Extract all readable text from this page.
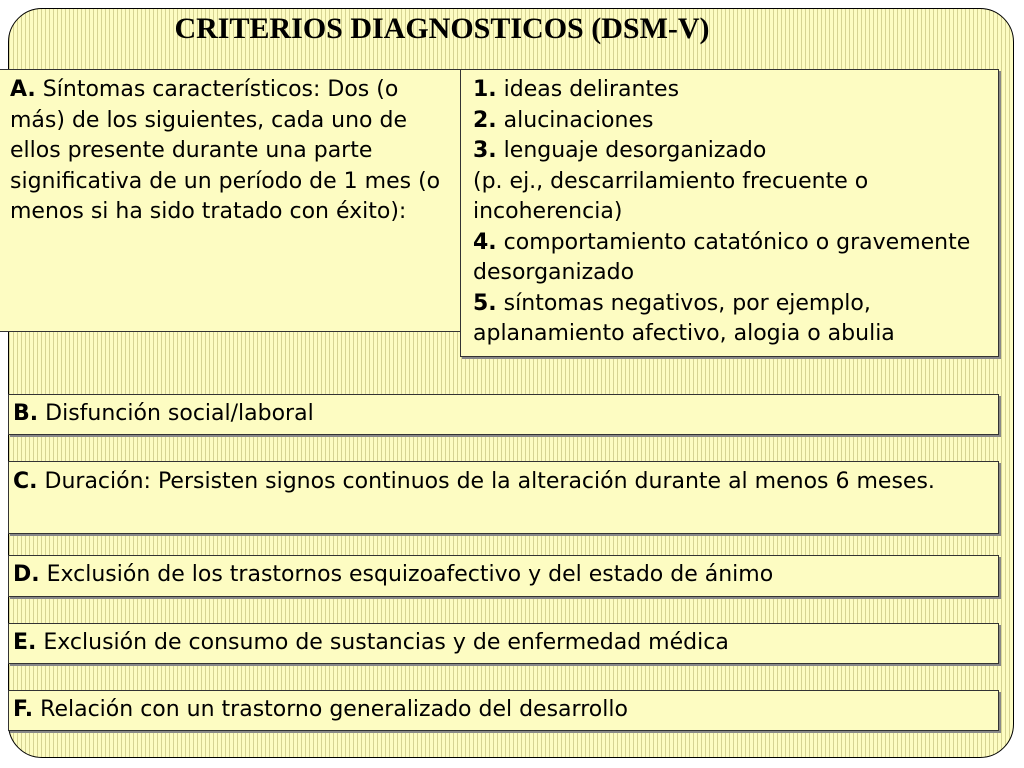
CRITERIOS DIAGNOSTICOS (DSM-V)
A. Síntomas característicos: Dos (o más) de los siguientes, cada uno de ellos presente durante una parte significativa de un período de 1 mes (o menos si ha sido tratado con éxito):
1. ideas delirantes
2. alucinaciones
3. lenguaje desorganizado
(p. ej., descarrilamiento frecuente o incoherencia)
4. comportamiento catatónico o gravemente desorganizado
5. síntomas negativos, por ejemplo, aplanamiento afectivo, alogia o abulia
B. Disfunción social/laboral
C. Duración: Persisten signos continuos de la alteración durante al menos 6 meses.
D. Exclusión de los trastornos esquizoafectivo y del estado de ánimo
E. Exclusión de consumo de sustancias y de enfermedad médica
F. Relación con un trastorno generalizado del desarrollo
